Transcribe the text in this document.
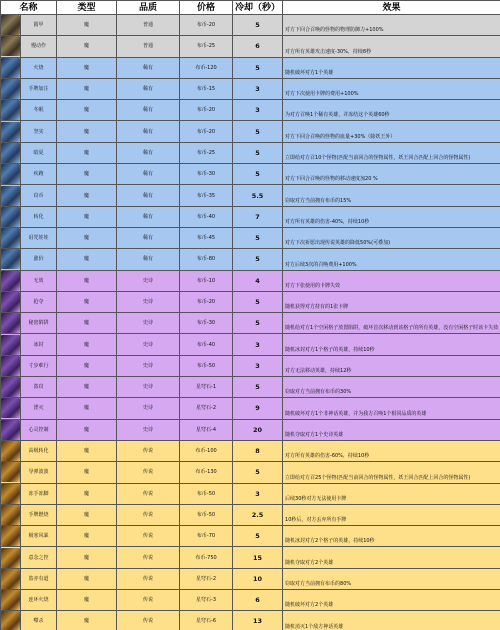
名称		类型	品质	价格	冷却（秒）	效果

	圆甲	魔	普通	布币-20	5	对方下回合召唤的怪物的物理防御力+100%

	慢动作	魔	普通	布币-25	6	对方所有英雄攻击速度-30%，持续8秒

	火烧	魔	稀有	布币-120	5	随机破坏对方1个英雄

	手牌加注	魔	稀有	布币-15	3	对方下次使用卡牌的费用+100%

	冬眠	魔	稀有	布币-20	3	为对方召唤1个稀有英雄，并冻结这个英雄60秒

	坚实	魔	稀有	布币-20	5	对方下回合召唤的怪物的血量+30%（除妖王外）

	暗夏	魔	稀有	布币-25	5	立即给对方召10个怪物(匹配当前回合的怪物属性，妖王回合匹配上回合的怪物属性)

	疾跑	魔	稀有	布币-30	5	对方下回合召唤的怪物的移动速度加20 %

	窃币	魔	稀有	布币-35	5.5	窃取对方当前拥有布币的15%

	转化	魔	稀有	布币-40	7	对方所有英雄的伤害-40%，持续10秒

	诅咒娃娃	魔	稀有	布币-45	5	对方下次祈愿出现传说英雄的降低50%(可叠加)

	涨价	魔	稀有	布币-80	5	对方后续3次的召唤费用+100%

	无效	魔	史诗	布币-10	4	对方下张使用的卡牌失效

	抢夺	魔	史诗	布币-20	5	随机获得对方持有的1张卡牌

	秘密陷阱	魔	史诗	布币-30	5	随机给对方1个空闲格子放置陷阱，破坏首次移动到该格子的所有英雄，没有空闲格子时该卡失效

	冰封	魔	史诗	布币-40	3	随机冰封对方1个格子的英雄，持续10秒

	寸步难行	魔	史诗	布币-50	3	对方无法移动英雄，持续12秒

	盗窃	魔	史诗	星穹石-1	5	窃取对方当前拥有布币的30%

	湮灭	魔	史诗	星穹石-2	9	随机破坏对方1个非神话英雄，并为我方召唤1个相同品质的英雄

	心灵控制	魔	史诗	星穹石-4	20	随机夺取对方1个史诗英雄

	高级转化	魔	传说	布币-100	8	对方所有英雄的伤害-60%，持续10秒

	导弹波波	魔	传说	布币-130	5	立即给对方召25个怪物(匹配当前回合的怪物属性，妖王回合匹配上回合的怪物属性)

	冻手冻脚	魔	传说	布币-50	3	后续30秒对方无法使用卡牌

	手牌燃烧	魔	传说	布币-50	2.5	10秒后，对方丢弃所有手牌

	极寒风暴	魔	传说	布币-70	5	随机冰封对方2个格子的英雄，持续10秒

	意念之控	魔	传说	布币-750	15	随机夺取对方2个英雄

	盗亦有道	魔	传说	星穹石-2	10	窃取对方当前拥有布币的80%

	连环火烧	魔	传说	星穹石-3	6	随机破坏对方2个英雄

	噬杀	魔	传说	星穹石-6	13	随机消灭1个敌方神话英雄
